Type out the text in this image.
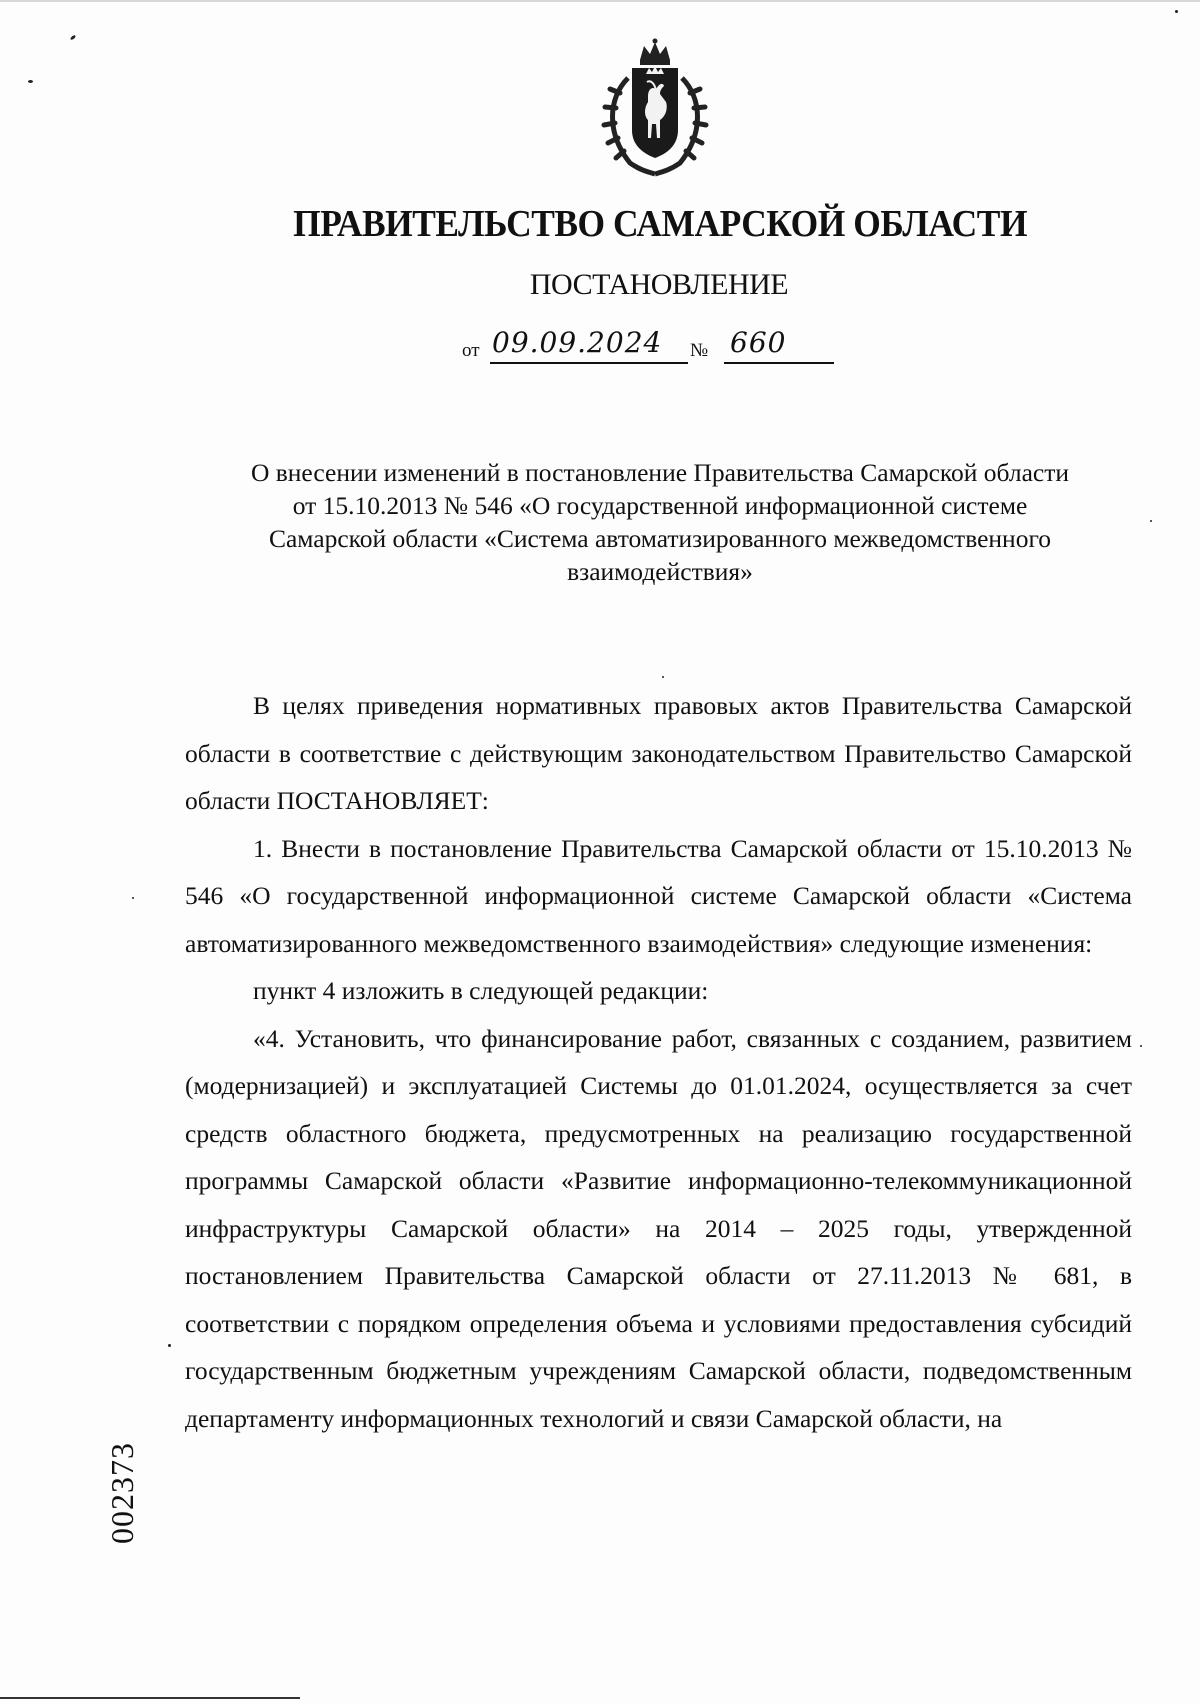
ПРАВИТЕЛЬСТВО САМАРСКОЙ ОБЛАСТИ
ПОСТАНОВЛЕНИЕ
от 09.09.2024 № 660
О внесении изменений в постановление Правительства Самарской области от 15.10.2013 № 546 «О государственной информационной системе Самарской области «Система автоматизированного межведомственного взаимодействия»

В целях приведения нормативных правовых актов Правительства Самарской области в соответствие с действующим законодательством Правительство Самарской области ПОСТАНОВЛЯЕТ:

1. Внести в постановление Правительства Самарской области от 15.10.2013 № 546 «О государственной информационной системе Самарской области «Система автоматизированного межведомственного взаимодействия» следующие изменения:

пункт 4 изложить в следующей редакции:

«4. Установить, что финансирование работ, связанных с созданием, развитием (модернизацией) и эксплуатацией Системы до 01.01.2024, осуществляется за счет средств областного бюджета, предусмотренных на реализацию государственной программы Самарской области «Развитие информационно-телекоммуникационной инфраструктуры Самарской области» на 2014 – 2025 годы, утвержденной постановлением Правительства Самарской области от 27.11.2013 № 681, в соответствии с порядком определения объема и условиями предоставления субсидий государственным бюджетным учреждениям Самарской области, подведомственным департаменту информационных технологий и связи Самарской области, на

002373
